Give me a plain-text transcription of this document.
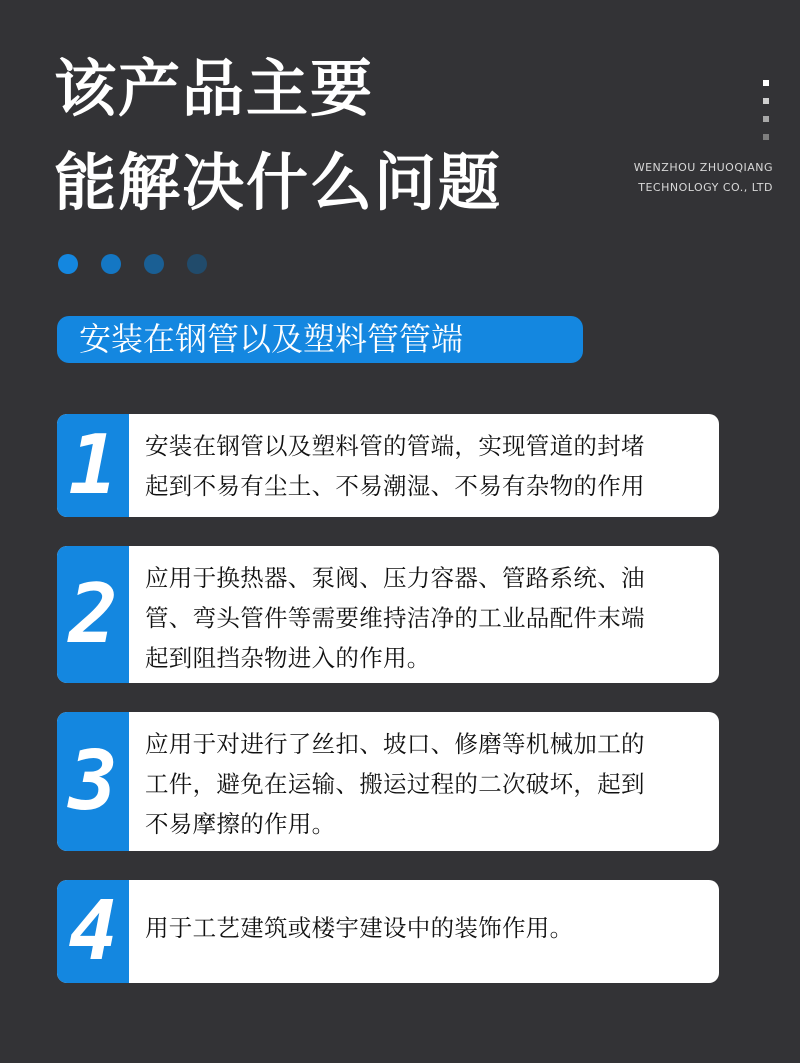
该产品主要
能解决什么问题	WENZHOU ZHUOQIANG
TECHNOLOGY CO., LTD
安装在钢管以及塑料管管端
1	安装在钢管以及塑料管的管端，实现管道的封堵
起到不易有尘土、不易潮湿、不易有杂物的作用
2	应用于换热器、泵阀、压力容器、管路系统、油
管、弯头管件等需要维持洁净的工业品配件末端
起到阻挡杂物进入的作用。
3	应用于对进行了丝扣、坡口、修磨等机械加工的
工件，避免在运输、搬运过程的二次破坏，起到
不易摩擦的作用。
4	用于工艺建筑或楼宇建设中的装饰作用。
